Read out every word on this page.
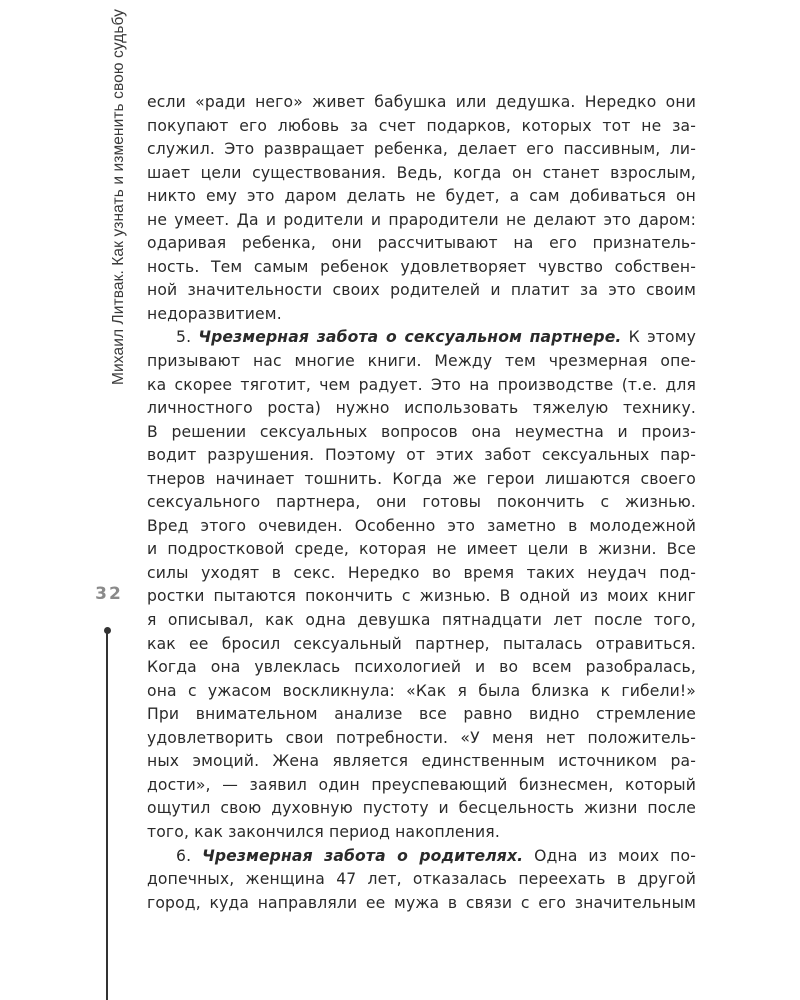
Михаил Литвак. Как узнать и изменить свою судьбу
32
если «ради него» живет бабушка или дедушка. Нередко они
покупают его любовь за счет подарков, которых тот не за-
служил. Это развращает ребенка, делает его пассивным, ли-
шает цели существования. Ведь, когда он станет взрослым,
никто ему это даром делать не будет, а сам добиваться он
не умеет. Да и родители и прародители не делают это даром:
одаривая ребенка, они рассчитывают на его признатель-
ность. Тем самым ребенок удовлетворяет чувство собствен-
ной значительности своих родителей и платит за это своим
недоразвитием.
5. Чрезмерная забота о сексуальном партнере. К этому
призывают нас многие книги. Между тем чрезмерная опе-
ка скорее тяготит, чем радует. Это на производстве (т.е. для
личностного роста) нужно использовать тяжелую технику.
В решении сексуальных вопросов она неуместна и произ-
водит разрушения. Поэтому от этих забот сексуальных пар-
тнеров начинает тошнить. Когда же герои лишаются своего
сексуального партнера, они готовы покончить с жизнью.
Вред этого очевиден. Особенно это заметно в молодежной
и подростковой среде, которая не имеет цели в жизни. Все
силы уходят в секс. Нередко во время таких неудач под-
ростки пытаются покончить с жизнью. В одной из моих книг
я описывал, как одна девушка пятнадцати лет после того,
как ее бросил сексуальный партнер, пыталась отравиться.
Когда она увлеклась психологией и во всем разобралась,
она с ужасом воскликнула: «Как я была близка к гибели!»
При внимательном анализе все равно видно стремление
удовлетворить свои потребности. «У меня нет положитель-
ных эмоций. Жена является единственным источником ра-
дости», — заявил один преуспевающий бизнесмен, который
ощутил свою духовную пустоту и бесцельность жизни после
того, как закончился период накопления.
6. Чрезмерная забота о родителях. Одна из моих по-
допечных, женщина 47 лет, отказалась переехать в другой
город, куда направляли ее мужа в связи с его значительным
